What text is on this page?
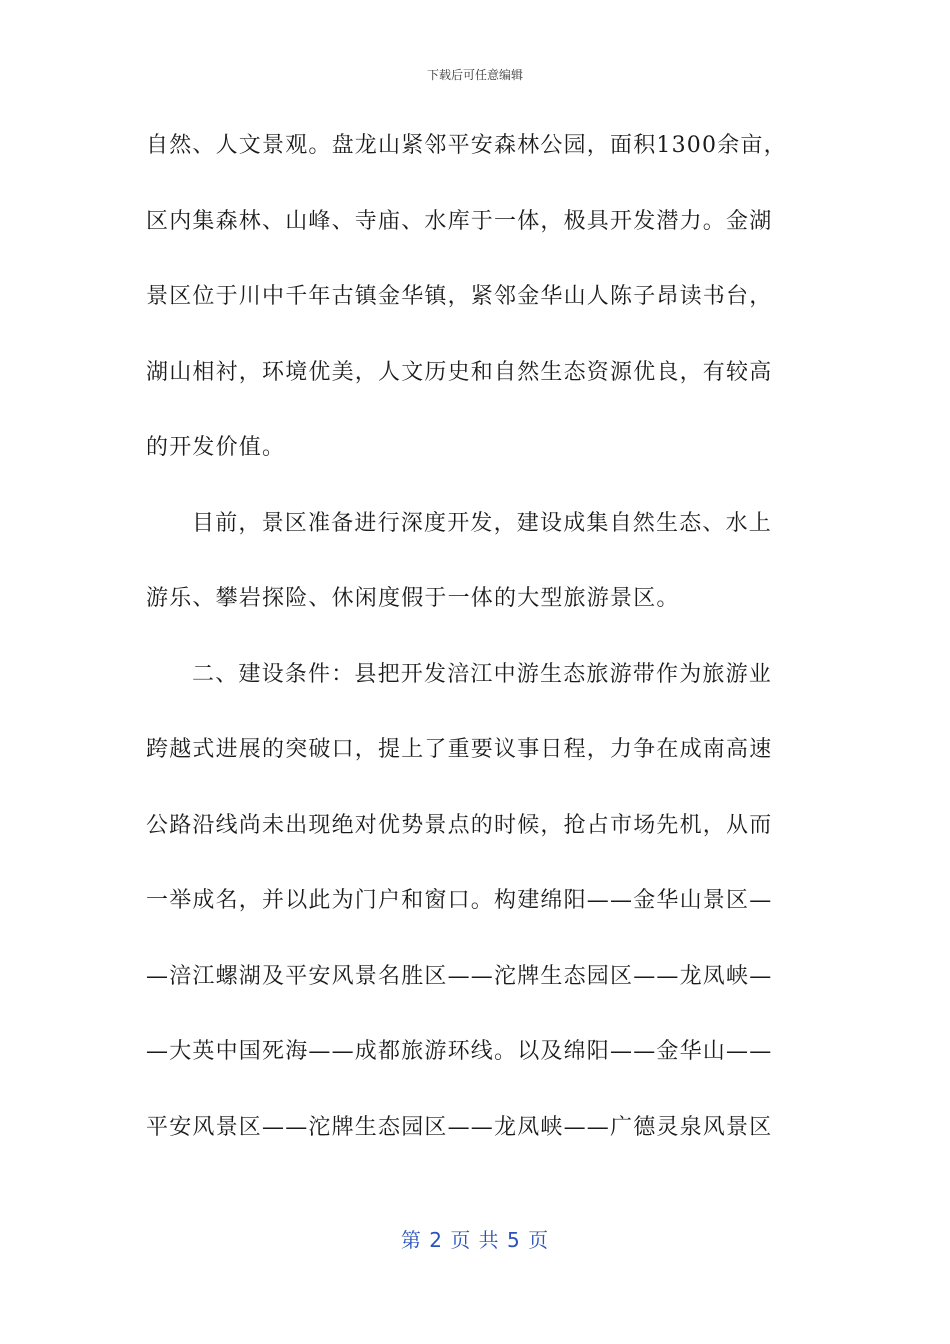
下载后可任意编辑
自然、人文景观。盘龙山紧邻平安森林公园，面积1300余亩，
区内集森林、山峰、寺庙、水库于一体，极具开发潜力。金湖
景区位于川中千年古镇金华镇，紧邻金华山人陈子昂读书台，
湖山相衬，环境优美，人文历史和自然生态资源优良，有较高
的开发价值。
目前，景区准备进行深度开发，建设成集自然生态、水上
游乐、攀岩探险、休闲度假于一体的大型旅游景区。
二、建设条件：县把开发涪江中游生态旅游带作为旅游业
跨越式进展的突破口，提上了重要议事日程，力争在成南高速
公路沿线尚未出现绝对优势景点的时候，抢占市场先机，从而
一举成名，并以此为门户和窗口。构建绵阳——金华山景区—
—涪江螺湖及平安风景名胜区——沱牌生态园区——龙凤峡—
—大英中国死海——成都旅游环线。以及绵阳——金华山——
平安风景区——沱牌生态园区——龙凤峡——广德灵泉风景区
第 2 页 共 5 页
